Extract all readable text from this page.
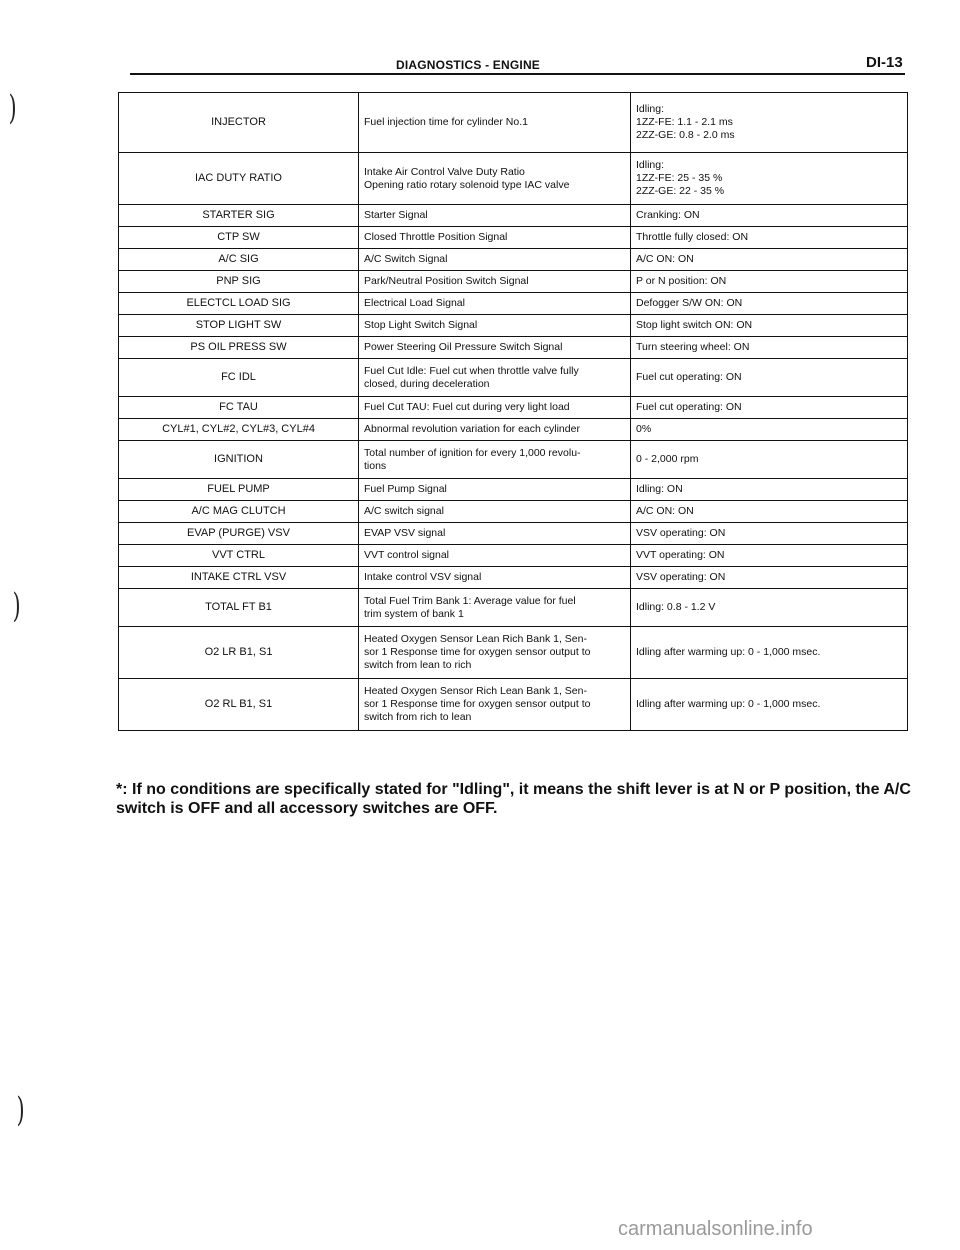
)
)
)
DIAGNOSTICS - ENGINE	DI-13
INJECTOR	Fuel injection time for cylinder No.1	Idling:
1ZZ-FE: 1.1 - 2.1 ms
2ZZ-GE: 0.8 - 2.0 ms

IAC DUTY RATIO	Intake Air Control Valve Duty Ratio
Opening ratio rotary solenoid type IAC valve	Idling:
1ZZ-FE: 25 - 35 %
2ZZ-GE: 22 - 35 %

STARTER SIG	Starter Signal	Cranking: ON

CTP SW	Closed Throttle Position Signal	Throttle fully closed: ON

A/C SIG	A/C Switch Signal	A/C ON: ON

PNP SIG	Park/Neutral Position Switch Signal	P or N position: ON

ELECTCL LOAD SIG	Electrical Load Signal	Defogger S/W ON: ON

STOP LIGHT SW	Stop Light Switch Signal	Stop light switch ON: ON

PS OIL PRESS SW	Power Steering Oil Pressure Switch Signal	Turn steering wheel: ON

FC IDL	Fuel Cut Idle: Fuel cut when throttle valve fully
closed, during deceleration	Fuel cut operating: ON

FC TAU	Fuel Cut TAU: Fuel cut during very light load	Fuel cut operating: ON

CYL#1, CYL#2, CYL#3, CYL#4	Abnormal revolution variation for each cylinder	0%

IGNITION	Total number of ignition for every 1,000 revolu-
tions	0 - 2,000 rpm

FUEL PUMP	Fuel Pump Signal	Idling: ON

A/C MAG CLUTCH	A/C switch signal	A/C ON: ON

EVAP (PURGE) VSV	EVAP VSV signal	VSV operating: ON

VVT CTRL	VVT control signal	VVT operating: ON

INTAKE CTRL VSV	Intake control VSV signal	VSV operating: ON

TOTAL FT B1	Total Fuel Trim Bank 1: Average value for fuel
trim system of bank 1	Idling: 0.8 - 1.2 V

O2 LR B1, S1	Heated Oxygen Sensor Lean Rich Bank 1, Sen-
sor 1 Response time for oxygen sensor output to
switch from lean to rich	Idling after warming up: 0 - 1,000 msec.

O2 RL B1, S1	Heated Oxygen Sensor Rich Lean Bank 1, Sen-
sor 1 Response time for oxygen sensor output to
switch from rich to lean	Idling after warming up: 0 - 1,000 msec.
*: If no conditions are specifically stated for "Idling", it means the shift lever is at N or P position, the A/C switch is OFF and all accessory switches are OFF.
carmanualsonline.info
